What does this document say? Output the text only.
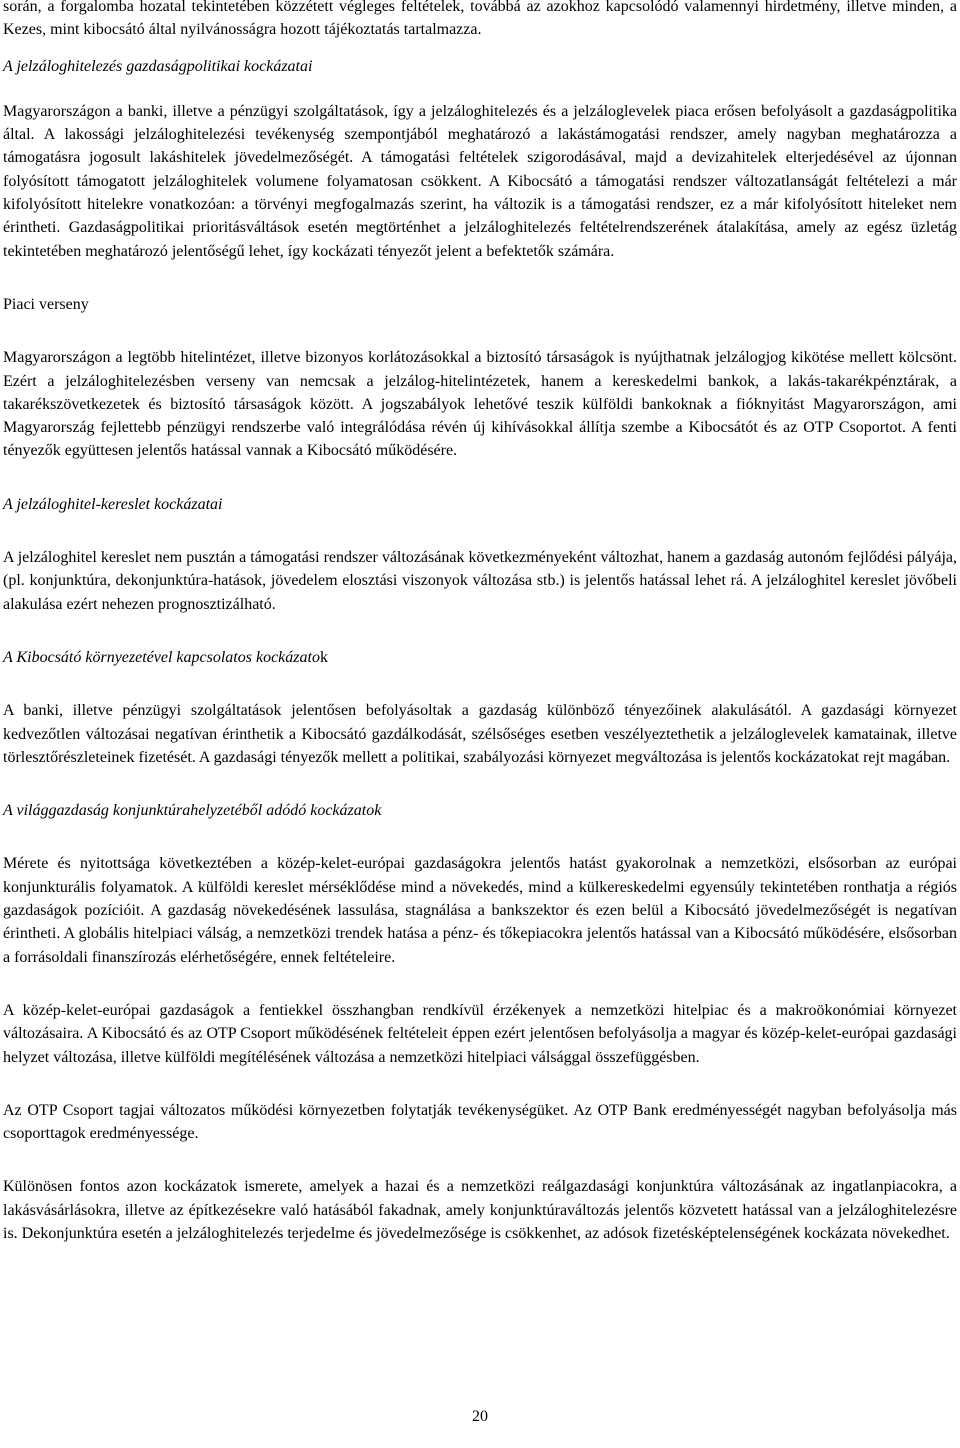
során, a forgalomba hozatal tekintetében közzétett végleges feltételek, továbbá az azokhoz kapcsolódó valamennyi hirdetmény, illetve minden, a Kezes, mint kibocsátó által nyilvánosságra hozott tájékoztatás tartalmazza.

A jelzáloghitelezés gazdaságpolitikai kockázatai

Magyarországon a banki, illetve a pénzügyi szolgáltatások, így a jelzáloghitelezés és a jelzáloglevelek piaca erősen befolyásolt a gazdaságpolitika által. A lakossági jelzáloghitelezési tevékenység szempontjából meghatározó a lakástámogatási rendszer, amely nagyban meghatározza a támogatásra jogosult lakáshitelek jövedelmezőségét. A támogatási feltételek szigorodásával, majd a devizahitelek elterjedésével az újonnan folyósított támogatott jelzáloghitelek volumene folyamatosan csökkent. A Kibocsátó a támogatási rendszer változatlanságát feltételezi a már kifolyósított hitelekre vonatkozóan: a törvényi megfogalmazás szerint, ha változik is a támogatási rendszer, ez a már kifolyósított hiteleket nem érintheti. Gazdaságpolitikai prioritásváltások esetén megtörténhet a jelzáloghitelezés feltételrendszerének átalakítása, amely az egész üzletág tekintetében meghatározó jelentőségű lehet, így kockázati tényezőt jelent a befektetők számára.

Piaci verseny

Magyarországon a legtöbb hitelintézet, illetve bizonyos korlátozásokkal a biztosító társaságok is nyújthatnak jelzálogjog kikötése mellett kölcsönt. Ezért a jelzáloghitelezésben verseny van nemcsak a jelzálog-hitelintézetek, hanem a kereskedelmi bankok, a lakás-takarékpénztárak, a takarékszövetkezetek és biztosító társaságok között. A jogszabályok lehetővé teszik külföldi bankoknak a fióknyitást Magyarországon, ami Magyarország fejlettebb pénzügyi rendszerbe való integrálódása révén új kihívásokkal állítja szembe a Kibocsátót és az OTP Csoportot. A fenti tényezők együttesen jelentős hatással vannak a Kibocsátó működésére.

A jelzáloghitel-kereslet kockázatai

A jelzáloghitel kereslet nem pusztán a támogatási rendszer változásának következményeként változhat, hanem a gazdaság autonóm fejlődési pályája, (pl. konjunktúra, dekonjunktúra-hatások, jövedelem elosztási viszonyok változása stb.) is jelentős hatással lehet rá. A jelzáloghitel kereslet jövőbeli alakulása ezért nehezen prognosztizálható.

A Kibocsátó környezetével kapcsolatos kockázatok

A banki, illetve pénzügyi szolgáltatások jelentősen befolyásoltak a gazdaság különböző tényezőinek alakulásától. A gazdasági környezet kedvezőtlen változásai negatívan érinthetik a Kibocsátó gazdálkodását, szélsőséges esetben veszélyeztethetik a jelzáloglevelek kamatainak, illetve törlesztőrészleteinek fizetését. A gazdasági tényezők mellett a politikai, szabályozási környezet megváltozása is jelentős kockázatokat rejt magában.

A világgazdaság konjunktúrahelyzetéből adódó kockázatok

Mérete és nyitottsága következtében a közép-kelet-európai gazdaságokra jelentős hatást gyakorolnak a nemzetközi, elsősorban az európai konjunkturális folyamatok. A külföldi kereslet mérséklődése mind a növekedés, mind a külkereskedelmi egyensúly tekintetében ronthatja a régiós gazdaságok pozícióit. A gazdaság növekedésének lassulása, stagnálása a bankszektor és ezen belül a Kibocsátó jövedelmezőségét is negatívan érintheti. A globális hitelpiaci válság, a nemzetközi trendek hatása a pénz- és tőkepiacokra jelentős hatással van a Kibocsátó működésére, elsősorban a forrásoldali finanszírozás elérhetőségére, ennek feltételeire.

A közép-kelet-európai gazdaságok a fentiekkel összhangban rendkívül érzékenyek a nemzetközi hitelpiac és a makroökonómiai környezet változásaira. A Kibocsátó és az OTP Csoport működésének feltételeit éppen ezért jelentősen befolyásolja a magyar és közép-kelet-európai gazdasági helyzet változása, illetve külföldi megítélésének változása a nemzetközi hitelpiaci válsággal összefüggésben.

Az OTP Csoport tagjai változatos működési környezetben folytatják tevékenységüket. Az OTP Bank eredményességét nagyban befolyásolja más csoporttagok eredményessége.

Különösen fontos azon kockázatok ismerete, amelyek a hazai és a nemzetközi reálgazdasági konjunktúra változásának az ingatlanpiacokra, a lakásvásárlásokra, illetve az építkezésekre való hatásából fakadnak, amely konjunktúraváltozás jelentős közvetett hatással van a jelzáloghitelezésre is. Dekonjunktúra esetén a jelzáloghitelezés terjedelme és jövedelmezősége is csökkenhet, az adósok fizetésképtelenségének kockázata növekedhet.

20
